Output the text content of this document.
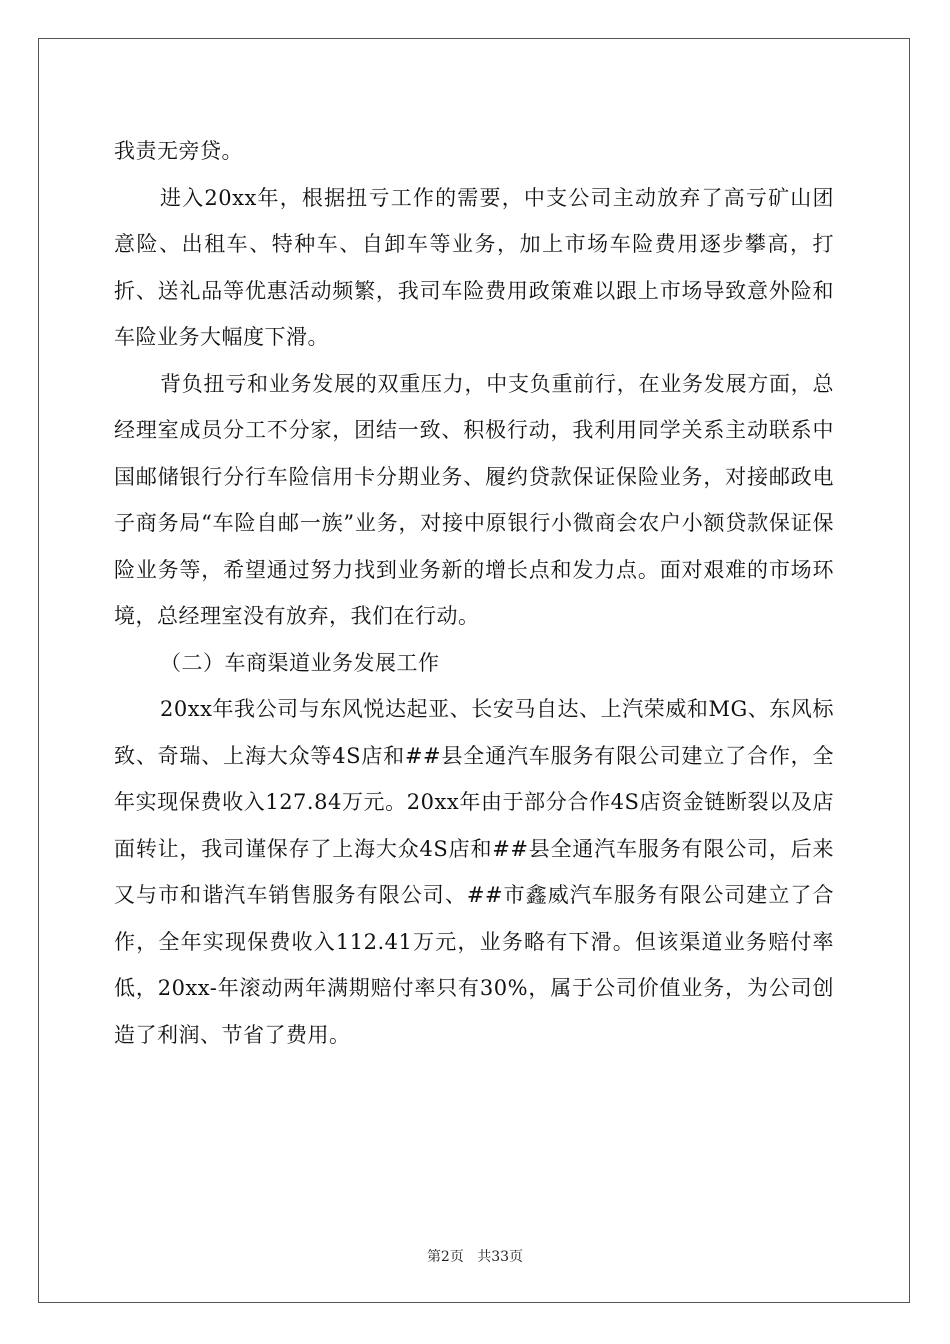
我责无旁贷。

进入20xx年，根据扭亏工作的需要，中支公司主动放弃了高亏矿山团意险、出租车、特种车、自卸车等业务，加上市场车险费用逐步攀高，打折、送礼品等优惠活动频繁，我司车险费用政策难以跟上市场导致意外险和车险业务大幅度下滑。

背负扭亏和业务发展的双重压力，中支负重前行，在业务发展方面，总经理室成员分工不分家，团结一致、积极行动，我利用同学关系主动联系中国邮储银行分行车险信用卡分期业务、履约贷款保证保险业务，对接邮政电子商务局“车险自邮一族”业务，对接中原银行小微商会农户小额贷款保证保险业务等，希望通过努力找到业务新的增长点和发力点。面对艰难的市场环境，总经理室没有放弃，我们在行动。

（二）车商渠道业务发展工作

20xx年我公司与东风悦达起亚、长安马自达、上汽荣威和MG、东风标致、奇瑞、上海大众等4S店和##县全通汽车服务有限公司建立了合作，全年实现保费收入127.84万元。20xx年由于部分合作4S店资金链断裂以及店面转让，我司谨保存了上海大众4S店和##县全通汽车服务有限公司，后来又与市和谐汽车销售服务有限公司、##市鑫威汽车服务有限公司建立了合作，全年实现保费收入112.41万元，业务略有下滑。但该渠道业务赔付率低，20xx-年滚动两年满期赔付率只有30%，属于公司价值业务，为公司创造了利润、节省了费用。

第2页 共33页
